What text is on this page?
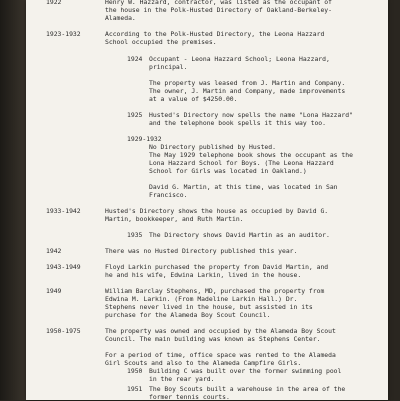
1922	Henry W. Hazzard, contractor, was listed as the occupant of
the house in the Polk-Husted Directory of Oakland-Berkeley-
Alameda.
1923-1932	According to the Polk-Husted Directory, the Leona Hazzard
School occupied the premises.
1924 Occupant - Leona Hazzard School; Leona Hazzard,
principal.
The property was leased from J. Martin and Company.
The owner, J. Martin and Company, made improvements
at a value of $4250.00.
1925 Husted's Directory now spells the name "Lona Hazzard"
and the telephone book spells it this way too.
1929-1932
No Directory published by Husted.
The May 1929 telephone book shows the occupant as the
Lona Hazzard School for Boys. (The Leona Hazzard
School for Girls was located in Oakland.)
David G. Martin, at this time, was located in San
Francisco.
1933-1942	Husted's Directory shows the house as occupied by David G.
Martin, bookkeeper, and Ruth Martin.
1935 The Directory shows David Martin as an auditor.
1942	There was no Husted Directory published this year.
1943-1949	Floyd Larkin purchased the property from David Martin, and
he and his wife, Edwina Larkin, lived in the house.
1949	William Barclay Stephens, MD, purchased the property from
Edwina M. Larkin. (From Madeline Larkin Hall.) Dr.
Stephens never lived in the house, but assisted in its
purchase for the Alameda Boy Scout Council.
1950-1975	The property was owned and occupied by the Alameda Boy Scout
Council. The main building was known as Stephens Center.
For a period of time, office space was rented to the Alameda
Girl Scouts and also to the Alameda Campfire Girls.
1950 Building C was built over the former swimming pool
in the rear yard.
1951 The Boy Scouts built a warehouse in the area of the
former tennis courts.
